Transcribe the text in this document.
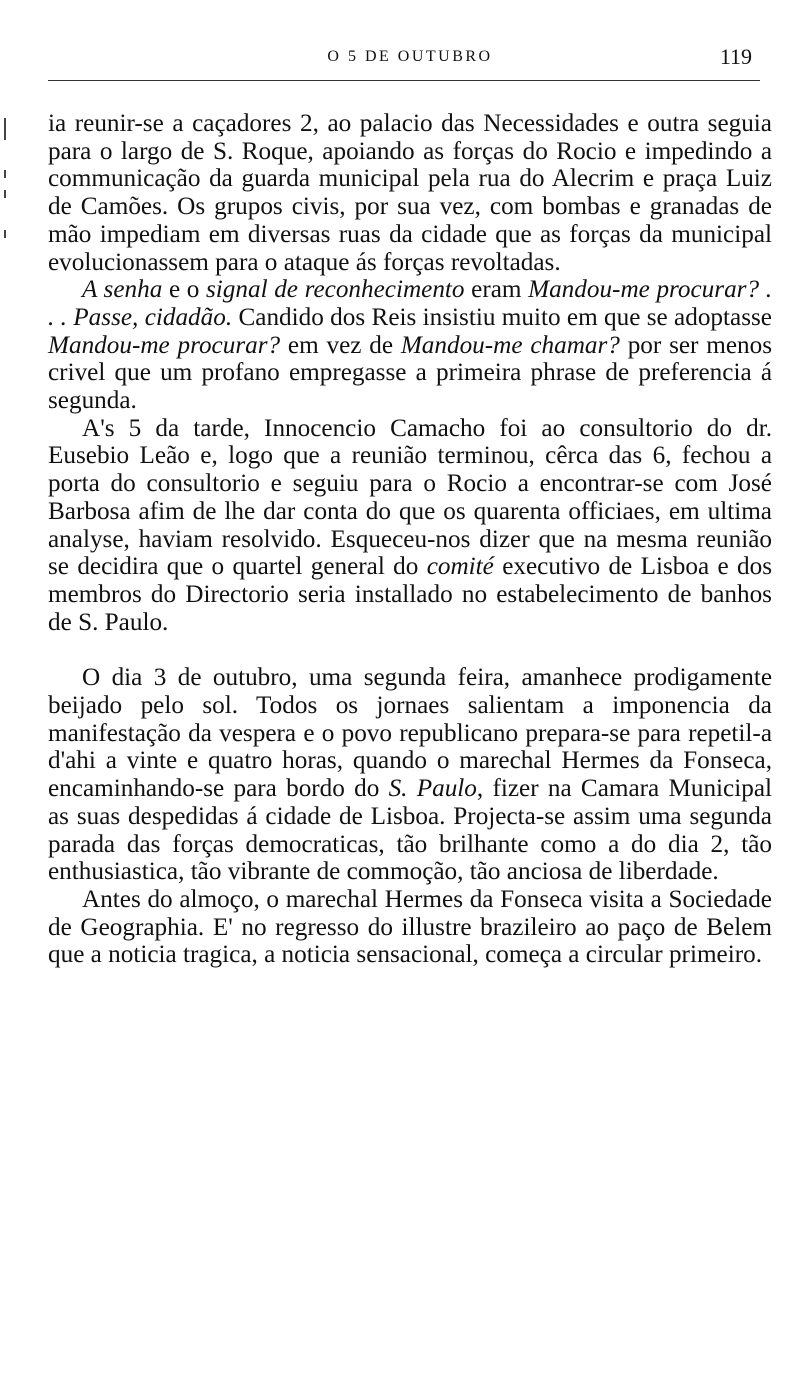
O 5 DE OUTUBRO	119

ia reunir-se a caçadores 2, ao palacio das Necessidades e outra seguia para o largo de S. Roque, apoiando as forças do Rocio e impedindo a communicação da guarda municipal pela rua do Alecrim e praça Luiz de Camões. Os grupos civis, por sua vez, com bombas e granadas de mão impediam em diversas ruas da cidade que as forças da municipal evolucionassem para o ataque ás forças revoltadas.

A senha e o signal de reconhecimento eram Mandou-me procurar? . . . Passe, cidadão. Candido dos Reis insistiu muito em que se adoptasse Mandou-me procurar? em vez de Mandou-me chamar? por ser menos crivel que um profano empregasse a primeira phrase de preferencia á segunda.

A's 5 da tarde, Innocencio Camacho foi ao consultorio do dr. Eusebio Leão e, logo que a reunião terminou, cêrca das 6, fechou a porta do consultorio e seguiu para o Rocio a encontrar-se com José Barbosa afim de lhe dar conta do que os quarenta officiaes, em ultima analyse, haviam resolvido. Esqueceu-nos dizer que na mesma reunião se decidira que o quartel general do comité executivo de Lisboa e dos membros do Directorio seria installado no estabelecimento de banhos de S. Paulo.

O dia 3 de outubro, uma segunda feira, amanhece prodigamente beijado pelo sol. Todos os jornaes salientam a imponencia da manifestação da vespera e o povo republicano prepara-se para repetil-a d'ahi a vinte e quatro horas, quando o marechal Hermes da Fonseca, encaminhando-se para bordo do S. Paulo, fizer na Camara Municipal as suas despedidas á cidade de Lisboa. Projecta-se assim uma segunda parada das forças democraticas, tão brilhante como a do dia 2, tão enthusiastica, tão vibrante de commoção, tão anciosa de liberdade.

Antes do almoço, o marechal Hermes da Fonseca visita a Sociedade de Geographia. E' no regresso do illustre brazileiro ao paço de Belem que a noticia tragica, a noticia sensacional, começa a circular primeiro.
